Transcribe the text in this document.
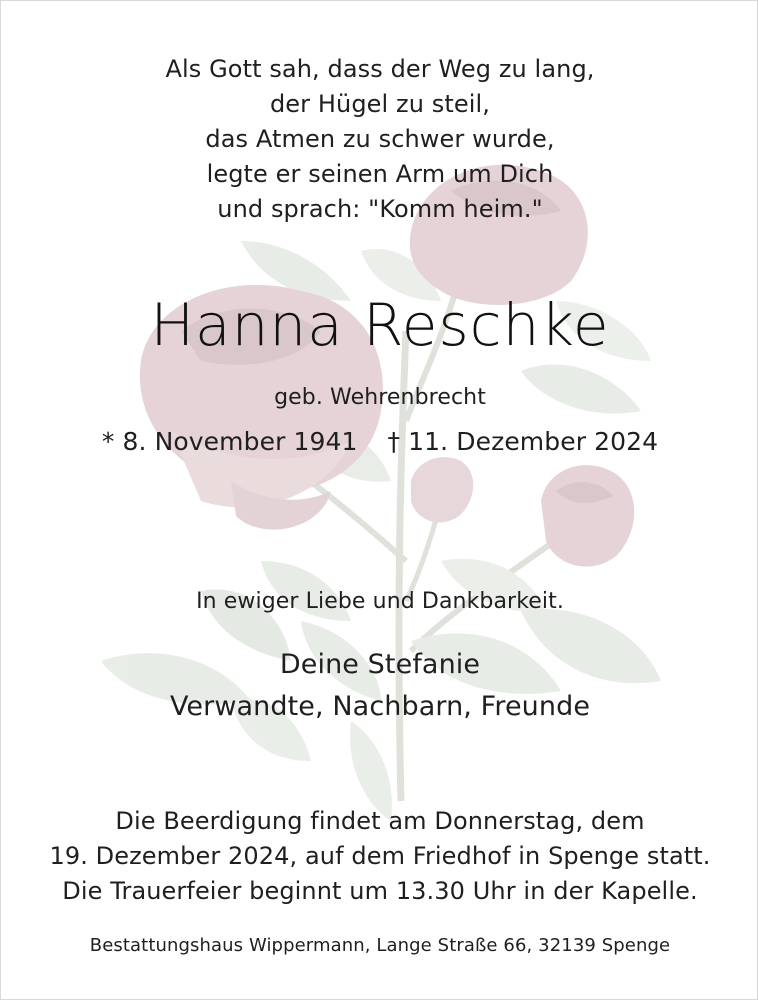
Als Gott sah, dass der Weg zu lang,
der Hügel zu steil,
das Atmen zu schwer wurde,
legte er seinen Arm um Dich
und sprach: "Komm heim."
Hanna Reschke
geb. Wehrenbrecht
* 8. November 1941 † 11. Dezember 2024
In ewiger Liebe und Dankbarkeit.
Deine Stefanie
Verwandte, Nachbarn, Freunde
Die Beerdigung findet am Donnerstag, dem
19. Dezember 2024, auf dem Friedhof in Spenge statt.
Die Trauerfeier beginnt um 13.30 Uhr in der Kapelle.
Bestattungshaus Wippermann, Lange Straße 66, 32139 Spenge
